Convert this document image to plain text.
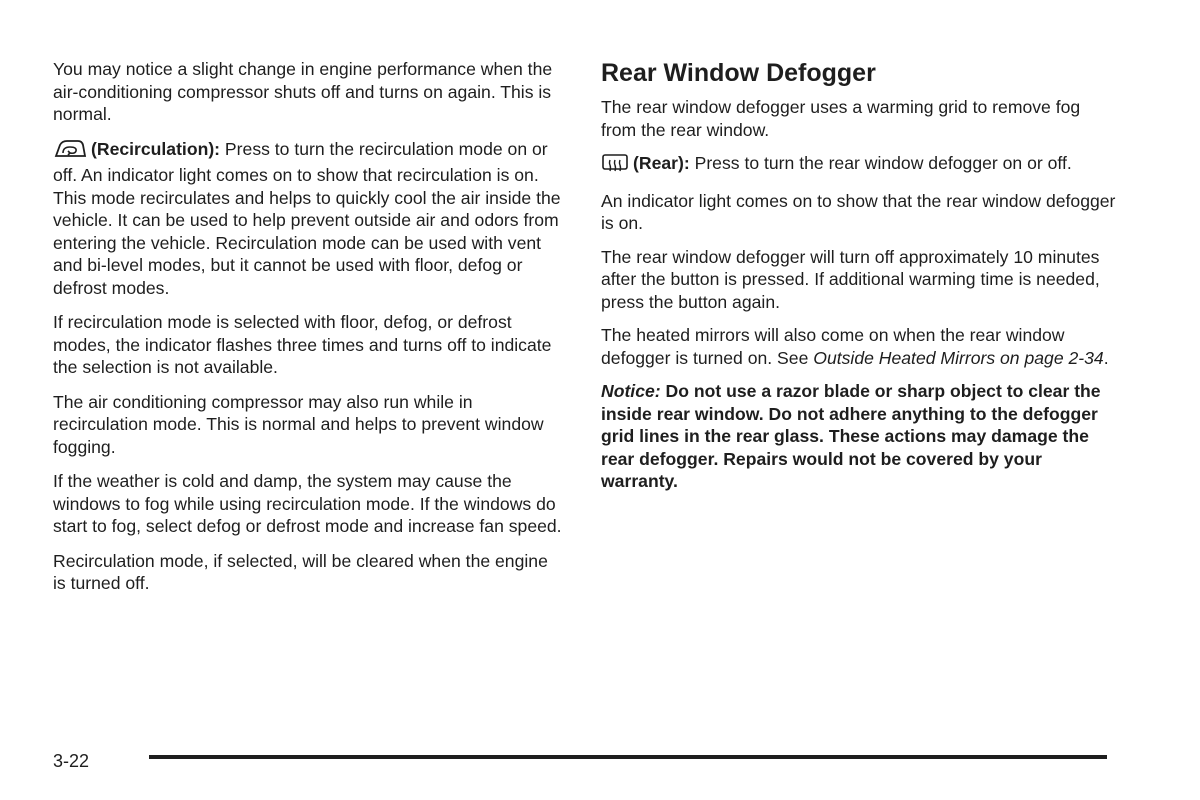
You may notice a slight change in engine performance when the air-conditioning compressor shuts off and turns on again. This is normal.

(Recirculation): Press to turn the recirculation mode on or off. An indicator light comes on to show that recirculation is on. This mode recirculates and helps to quickly cool the air inside the vehicle. It can be used to help prevent outside air and odors from entering the vehicle. Recirculation mode can be used with vent and bi-level modes, but it cannot be used with floor, defog or defrost modes.

If recirculation mode is selected with floor, defog, or defrost modes, the indicator flashes three times and turns off to indicate the selection is not available.

The air conditioning compressor may also run while in recirculation mode. This is normal and helps to prevent window fogging.

If the weather is cold and damp, the system may cause the windows to fog while using recirculation mode. If the windows do start to fog, select defog or defrost mode and increase fan speed.

Recirculation mode, if selected, will be cleared when the engine is turned off.

Rear Window Defogger

The rear window defogger uses a warming grid to remove fog from the rear window.

(Rear): Press to turn the rear window defogger on or off.

An indicator light comes on to show that the rear window defogger is on.

The rear window defogger will turn off approximately 10 minutes after the button is pressed. If additional warming time is needed, press the button again.

The heated mirrors will also come on when the rear window defogger is turned on. See Outside Heated Mirrors on page 2-34.

Notice: Do not use a razor blade or sharp object to clear the inside rear window. Do not adhere anything to the defogger grid lines in the rear glass. These actions may damage the rear defogger. Repairs would not be covered by your warranty.

3-22
